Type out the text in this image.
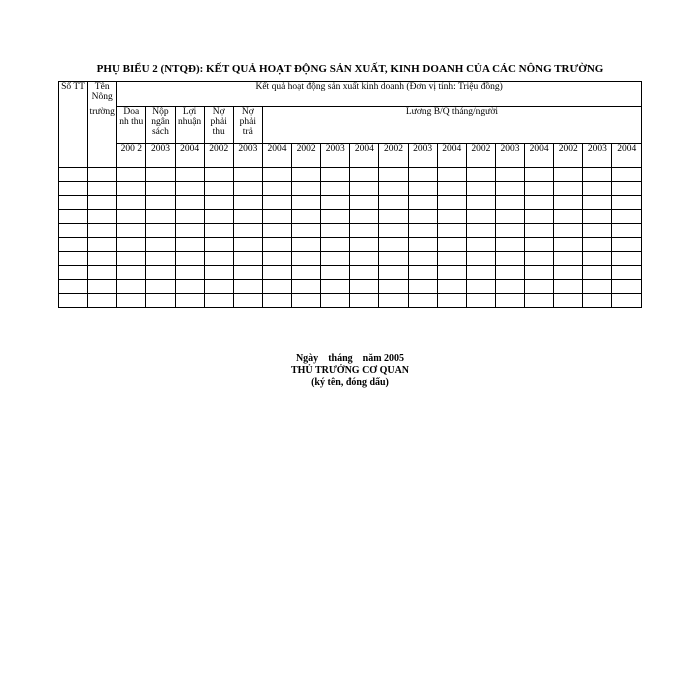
PHỤ BIỂU 2 (NTQĐ): KẾT QUẢ HOẠT ĐỘNG SẢN XUẤT, KINH DOANH CỦA CÁC NÔNG TRƯỜNG
Số TT	Tên Nông	Kết quả hoạt động sản xuất kinh doanh (Đơn vị tính: Triệu đồng)																	
	trường	Doa nh thu	Nộp ngân sách	Lợi nhuận	Nợ phải thu	Nợ phải trả	Lương B/Q tháng/người												
		200 2	2003	2004	2002	2003	2004	2002	2003	2004	2002	2003	2004	2002	2003	2004	2002	2003	2004

Ngày tháng năm 2005
THỦ TRƯỞNG CƠ QUAN
(ký tên, đóng dấu)
